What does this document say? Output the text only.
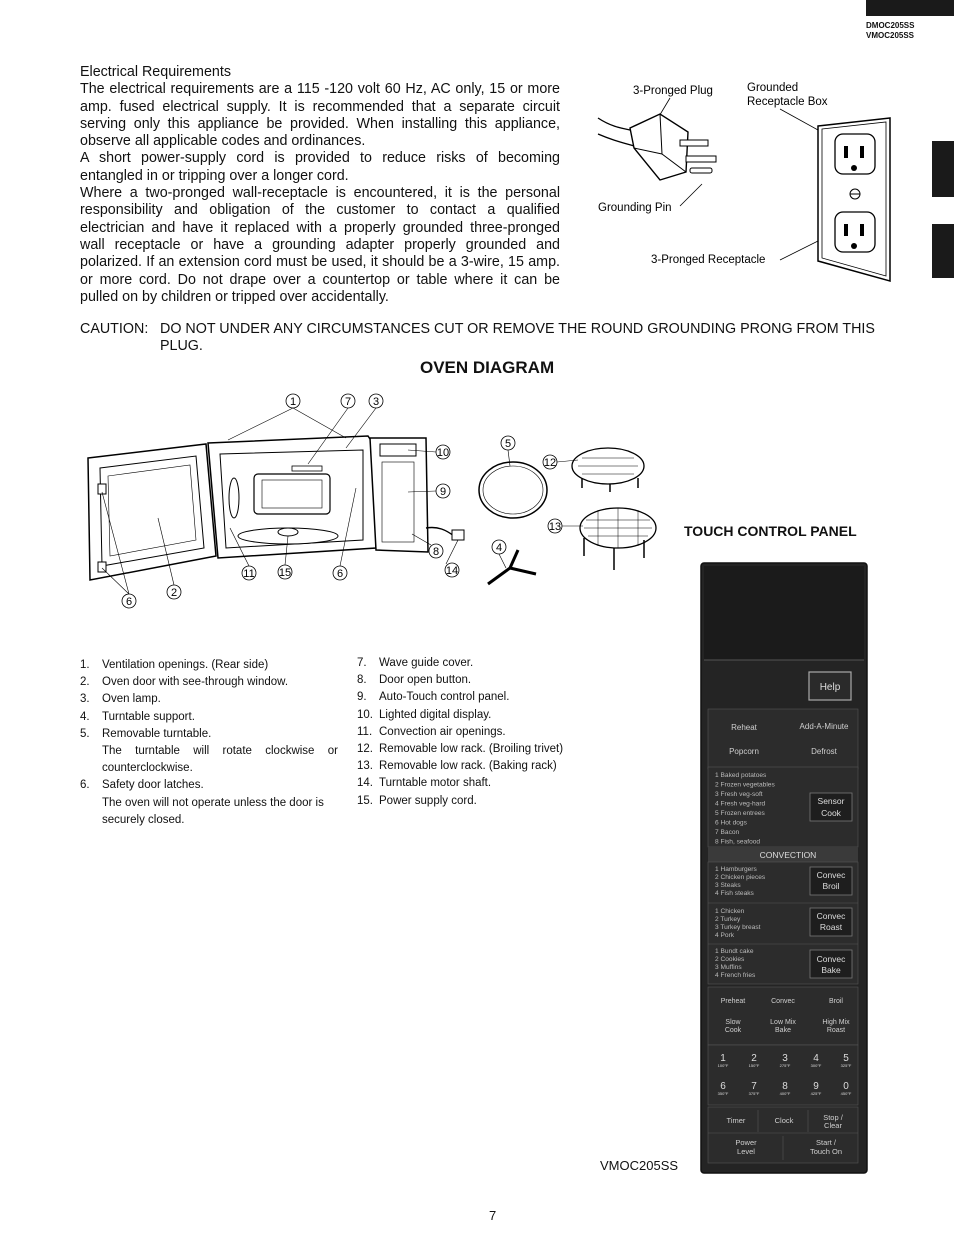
DMOC205SS
VMOC205SS

Electrical Requirements

The electrical requirements are a 115 -120 volt 60 Hz, AC only, 15 or more amp. fused electrical supply. It is recommended that a separate circuit serving only this appliance be provided. When installing this appliance, observe all applicable codes and ordinances.

A short power-supply cord is provided to reduce risks of becoming entangled in or tripping over a longer cord.

Where a two-pronged wall-receptacle is encountered, it is the personal responsibility and obligation of the customer to contact a qualified electrician and have it replaced with a properly grounded three-pronged wall receptacle or have a grounding adapter properly grounded and polarized. If an extension cord must be used, it should be a 3-wire, 15 amp. or more cord. Do not drape over a countertop or table where it can be pulled on by children or tripped over accidentally.

3-Pronged Plug	Grounded
Receptacle Box
Grounding Pin
3-Pronged Receptacle
CAUTION: DO NOT UNDER ANY CIRCUMSTANCES CUT OR REMOVE THE ROUND GROUNDING PRONG FROM THIS PLUG.
OVEN DIAGRAM
1	7 3
10
9
5
12
13
4
8
14
11 15	6
6
2
1. Ventilation openings. (Rear side)
2. Oven door with see-through window.
3. Oven lamp.
4. Turntable support.
5. Removable turntable.
The turntable will rotate clockwise or
counterclockwise.
6. Safety door latches.
The oven will not operate unless the door is
securely closed.
7. Wave guide cover.
8. Door open button.
9. Auto-Touch control panel.
10. Lighted digital display.
11. Convection air openings.
12. Removable low rack. (Broiling trivet)
13. Removable low rack. (Baking rack)
14. Turntable motor shaft.
15. Power supply cord.
TOUCH CONTROL PANEL
Help
Reheat	Add-A-Minute
Popcorn	Defrost
1 Baked potatoes
2 Frozen vegetables
3 Fresh veg-soft
4 Fresh veg-hard
5 Frozen entrees
6 Hot dogs
7 Bacon
8 Fish, seafood
Sensor
Cook
CONVECTION
1 Hamburgers
2 Chicken pieces
3 Steaks
4 Fish steaks
Convec
Broil
1 Chicken
2 Turkey
3 Turkey breast
4 Pork
Convec
Roast
1 Bundt cake
2 Cookies
3 Muffins
4 French fries
Convec
Bake
Preheat	Convec	Broil
Slow
Cook
Low Mix
Bake
High Mix
Roast
1
100°F
2
150°F
3
275°F
4
300°F
5
325°F
6
350°F
7
375°F
8
400°F
9
425°F
0
450°F
Timer	Clock	Stop /
Clear
Power
Level
Start /
Touch On
VMOC205SS
7
